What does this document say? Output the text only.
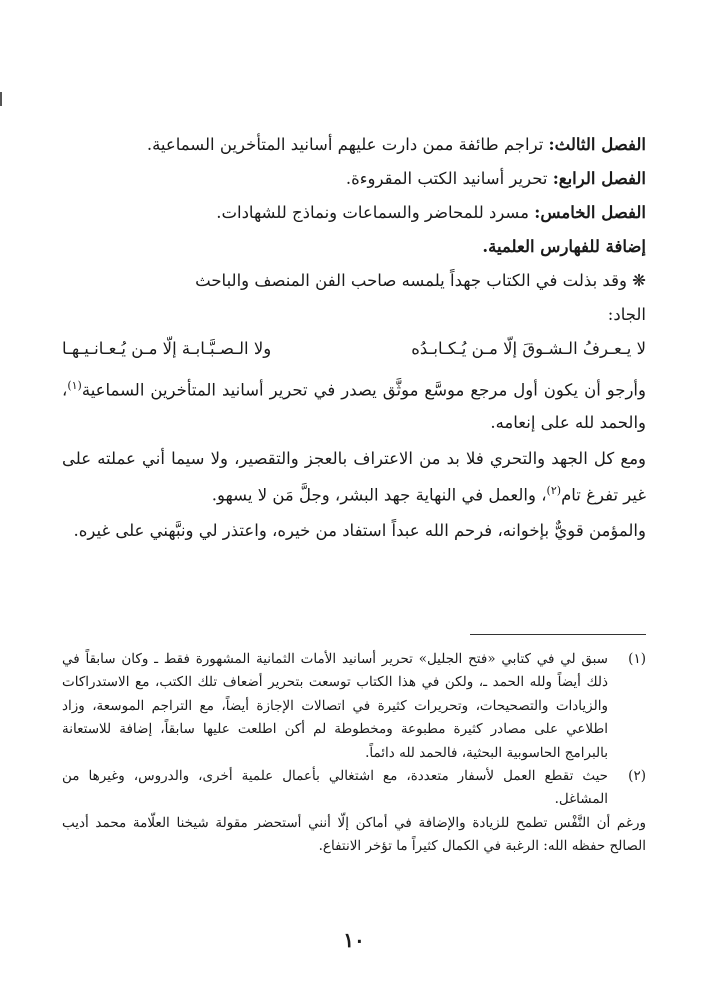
الفصل الثالث: تراجم طائفة ممن دارت عليهم أسانيد المتأخرين السماعية.

الفصل الرابع: تحرير أسانيد الكتب المقروءة.

الفصل الخامس: مسرد للمحاضر والسماعات ونماذج للشهادات.

إضافة للفهارس العلمية.

❋ وقد بذلت في الكتاب جهداً يلمسه صاحب الفن المنصف والباحث

الجاد:

لا يـعـرفُ الـشـوقَ إلّا مـن يُـكـابـدُه
ولا الـصـبَّـابـة إلّا مـن يُـعـانـيـهـا

وأرجو أن يكون أول مرجع موسَّع موثَّق يصدر في تحرير أسانيد المتأخرين السماعية$^{(١)}$، والحمد لله على إنعامه.

ومع كل الجهد والتحري فلا بد من الاعتراف بالعجز والتقصير، ولا سيما أني عملته على غير تفرغ تام$^{(٢)}$، والعمل في النهاية جهد البشر، وجلَّ مَن لا يسهو.

والمؤمن قويٌّ بإخوانه، فرحم الله عبداً استفاد من خيره، واعتذر لي ونبَّهني على غيره.

(١)
سبق لي في كتابي «فتح الجليل» تحرير أسانيد الأمات الثمانية المشهورة فقط ـ وكان سابقاً في ذلك أيضاً ولله الحمد ـ، ولكن في هذا الكتاب توسعت بتحرير أضعاف تلك الكتب، مع الاستدراكات والزيادات والتصحيحات، وتحريرات كثيرة في اتصالات الإجازة أيضاً، مع التراجم الموسعة، وزاد اطلاعي على مصادر كثيرة مطبوعة ومخطوطة لم أكن اطلعت عليها سابقاً، إضافة للاستعانة بالبرامج الحاسوبية البحثية، فالحمد لله دائماً.

(٢)
حيث تقطع العمل لأسفار متعددة، مع اشتغالي بأعمال علمية أخرى، والدروس، وغيرها من المشاغل.

ورغم أن النَّفْس تطمح للزيادة والإضافة في أماكن إلّا أنني أستحضر مقولة شيخنا العلّامة محمد أديب الصالح حفظه الله: الرغبة في الكمال كثيراً ما تؤخر الانتفاع.

١٠
